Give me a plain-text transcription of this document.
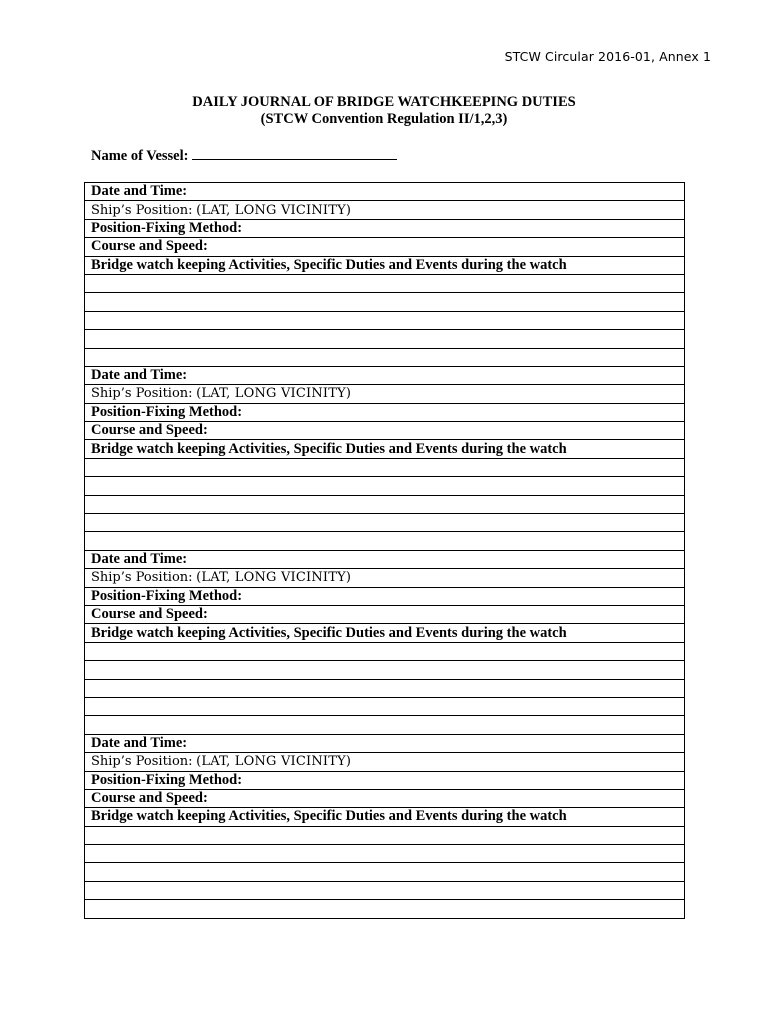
STCW Circular 2016-01, Annex 1
DAILY JOURNAL OF BRIDGE WATCHKEEPING DUTIES
(STCW Convention Regulation II/1,2,3)
Name of Vessel:
Date and Time:
Ship’s Position: (LAT, LONG VICINITY)
Position-Fixing Method:
Course and Speed:
Bridge watch keeping Activities, Specific Duties and Events during the watch

Date and Time:
Ship’s Position: (LAT, LONG VICINITY)
Position-Fixing Method:
Course and Speed:
Bridge watch keeping Activities, Specific Duties and Events during the watch

Date and Time:
Ship’s Position: (LAT, LONG VICINITY)
Position-Fixing Method:
Course and Speed:
Bridge watch keeping Activities, Specific Duties and Events during the watch

Date and Time:
Ship’s Position: (LAT, LONG VICINITY)
Position-Fixing Method:
Course and Speed:
Bridge watch keeping Activities, Specific Duties and Events during the watch
